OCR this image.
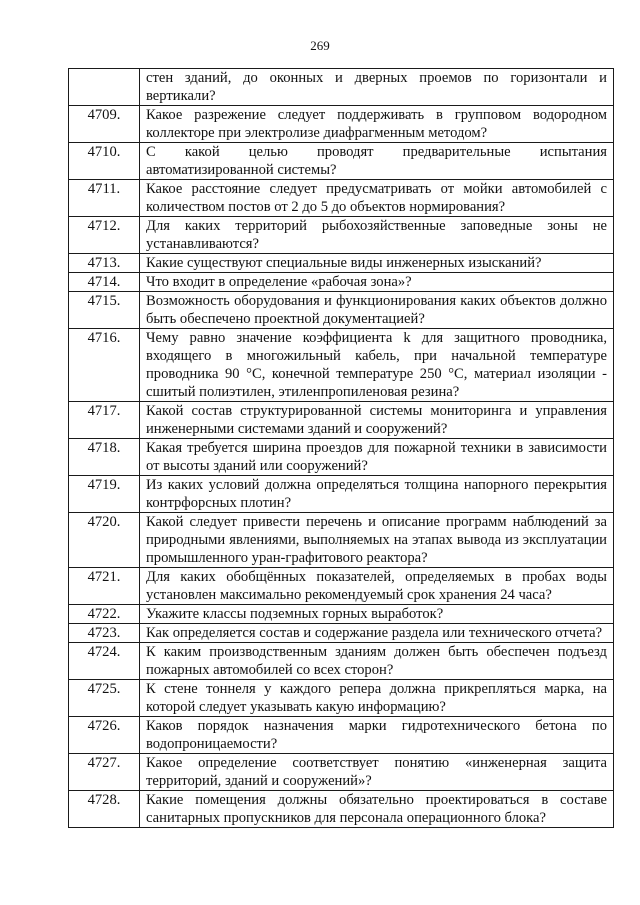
269
	стен зданий, до оконных и дверных проемов по горизонтали и вертикали?
4709.	Какое разрежение следует поддерживать в групповом водородном коллекторе при электролизе диафрагменным методом?
4710.	С какой целью проводят предварительные испытания автоматизированной системы?
4711.	Какое расстояние следует предусматривать от мойки автомобилей с количеством постов от 2 до 5 до объектов нормирования?
4712.	Для каких территорий рыбохозяйственные заповедные зоны не устанавливаются?
4713.	Какие существуют специальные виды инженерных изысканий?
4714.	Что входит в определение «рабочая зона»?
4715.	Возможность оборудования и функционирования каких объектов должно быть обеспечено проектной документацией?
4716.	Чему равно значение коэффициента k для защитного проводника, входящего в многожильный кабель, при начальной температуре проводника 90 °С, конечной температуре 250 °С, материал изоляции - сшитый полиэтилен, этиленпропиленовая резина?
4717.	Какой состав структурированной системы мониторинга и управления инженерными системами зданий и сооружений?
4718.	Какая требуется ширина проездов для пожарной техники в зависимости от высоты зданий или сооружений?
4719.	Из каких условий должна определяться толщина напорного перекрытия контрфорсных плотин?
4720.	Какой следует привести перечень и описание программ наблюдений за природными явлениями, выполняемых на этапах вывода из эксплуатации промышленного уран-графитового реактора?
4721.	Для каких обобщённых показателей, определяемых в пробах воды установлен максимально рекомендуемый срок хранения 24 часа?
4722.	Укажите классы подземных горных выработок?
4723.	Как определяется состав и содержание раздела или технического отчета?
4724.	К каким производственным зданиям должен быть обеспечен подъезд пожарных автомобилей со всех сторон?
4725.	К стене тоннеля у каждого репера должна прикрепляться марка, на которой следует указывать какую информацию?
4726.	Каков порядок назначения марки гидротехнического бетона по водопроницаемости?
4727.	Какое определение соответствует понятию «инженерная защита территорий, зданий и сооружений»?
4728.	Какие помещения должны обязательно проектироваться в составе санитарных пропускников для персонала операционного блока?
